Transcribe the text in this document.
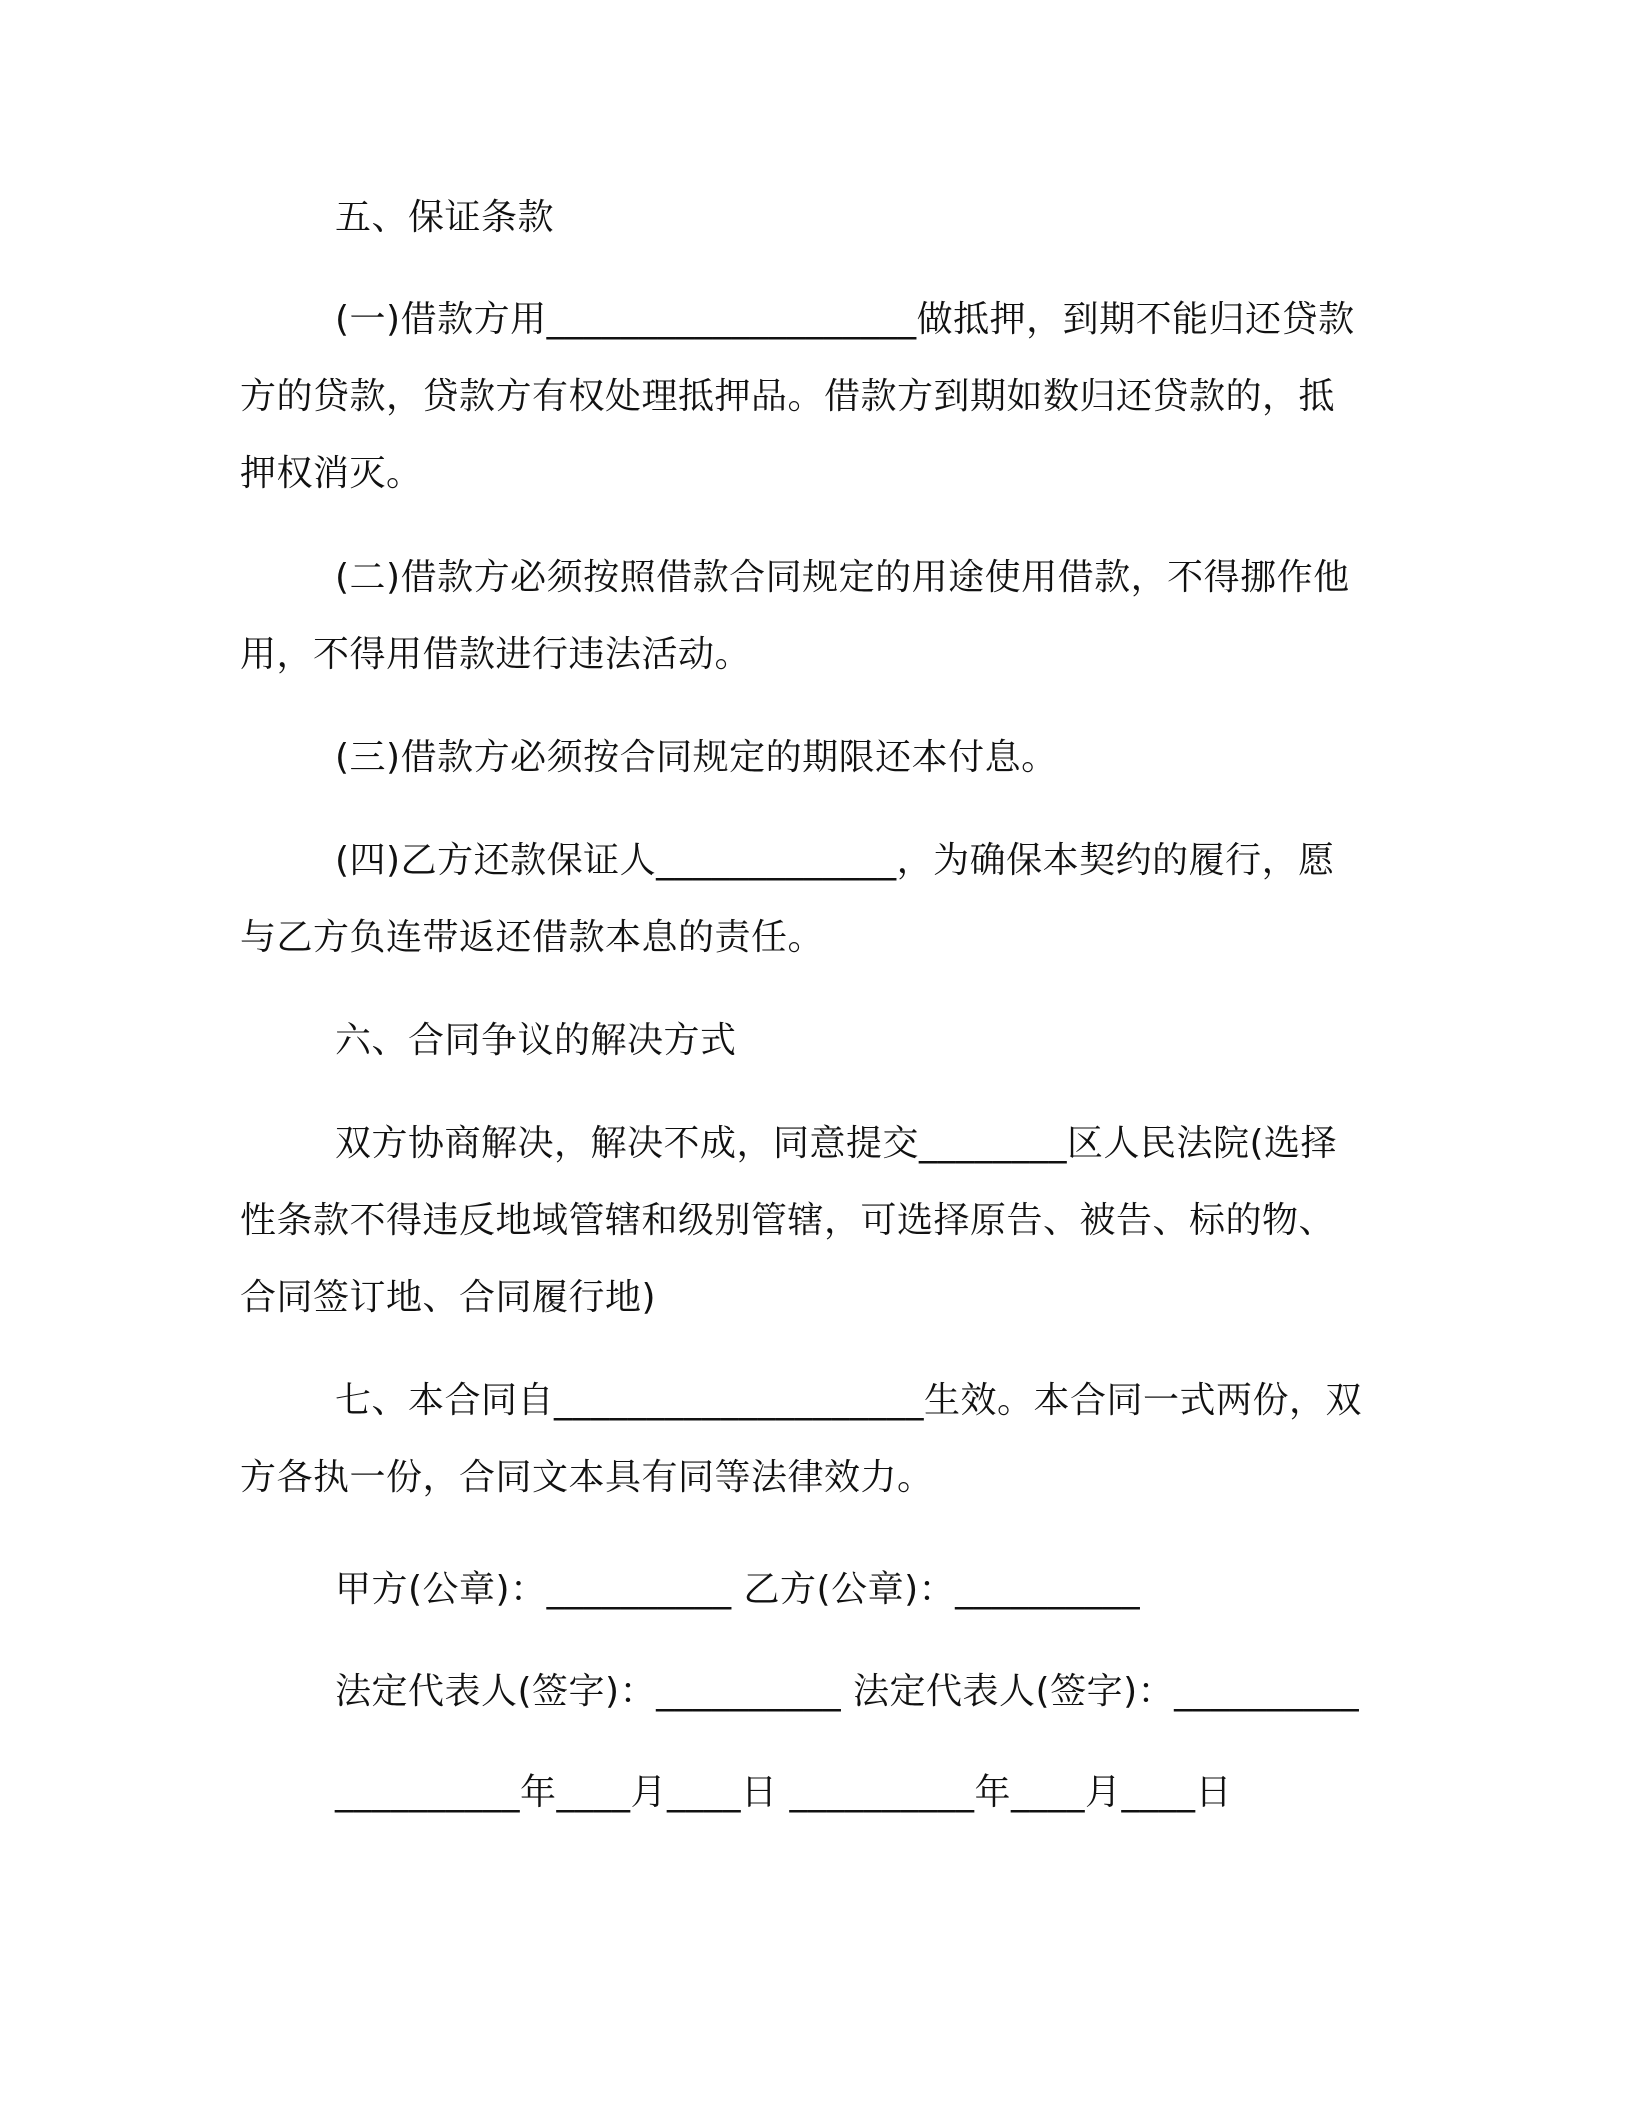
五、保证条款
(一)借款方用____________________做抵押，到期不能归还贷款
方的贷款，贷款方有权处理抵押品。借款方到期如数归还贷款的，抵
押权消灭。
(二)借款方必须按照借款合同规定的用途使用借款，不得挪作他
用，不得用借款进行违法活动。
(三)借款方必须按合同规定的期限还本付息。
(四)乙方还款保证人_____________，为确保本契约的履行，愿
与乙方负连带返还借款本息的责任。
六、合同争议的解决方式
双方协商解决，解决不成，同意提交________区人民法院(选择
性条款不得违反地域管辖和级别管辖，可选择原告、被告、标的物、
合同签订地、合同履行地)
七、本合同自____________________生效。本合同一式两份，双
方各执一份，合同文本具有同等法律效力。
甲方(公章)：__________ 乙方(公章)：__________
法定代表人(签字)：__________ 法定代表人(签字)：__________
__________年____月____日 __________年____月____日
